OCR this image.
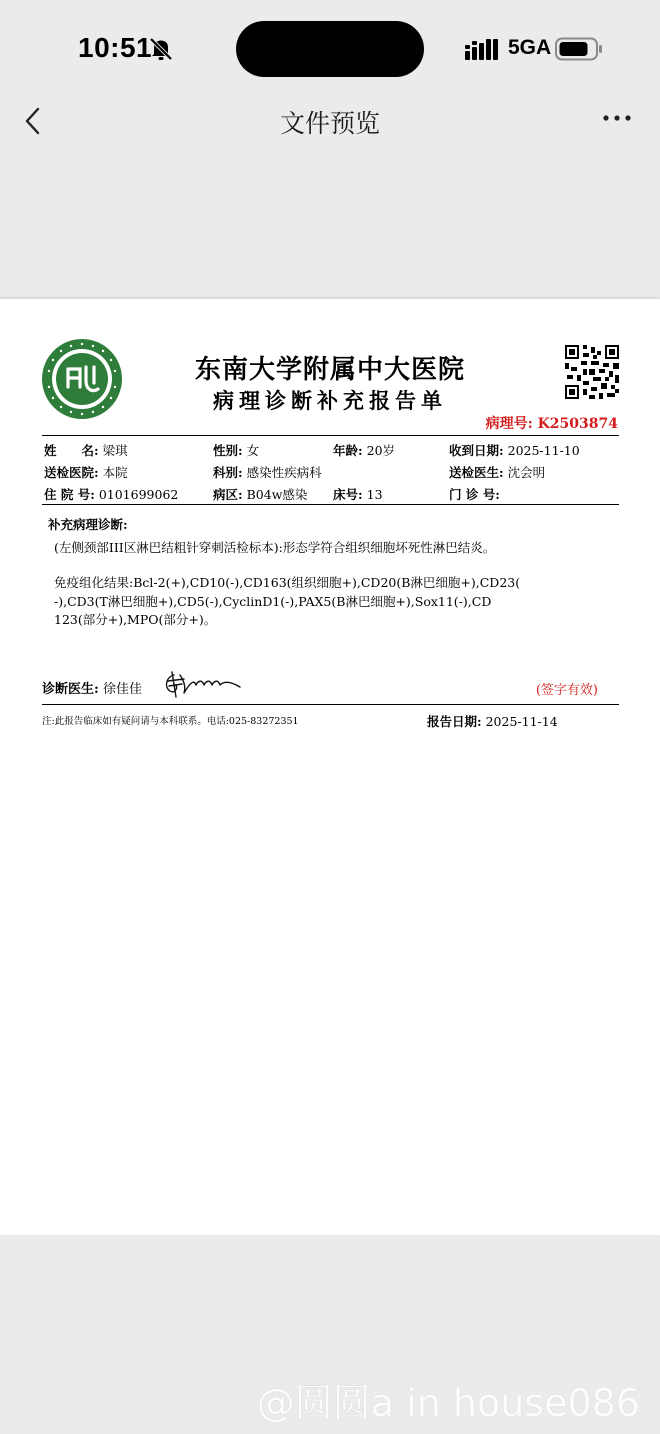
10:51	5GA
文件预览
东南大学附属中大医院
病理诊断补充报告单
病理号: K2503874
姓　　名: 梁琪	性别: 女	年龄: 20岁	收到日期: 2025-11-10
送检医院: 本院	科别: 感染性疾病科	送检医生: 沈会明
住 院 号: 0101699062	病区: B04w感染 床号: 13	门 诊 号:
补充病理诊断:
(左侧颈部III区淋巴结粗针穿刺活检标本):形态学符合组织细胞坏死性淋巴结炎。
免疫组化结果:Bcl-2(+),CD10(-),CD163(组织细胞+),CD20(B淋巴细胞+),CD23(
-),CD3(T淋巴细胞+),CD5(-),CyclinD1(-),PAX5(B淋巴细胞+),Sox11(-),CD
123(部分+),MPO(部分+)。
诊断医生: 徐佳佳	(签字有效)
注:此报告临床如有疑问请与本科联系。电话:025-83272351	报告日期: 2025-11-14
@圆圆a in house086
